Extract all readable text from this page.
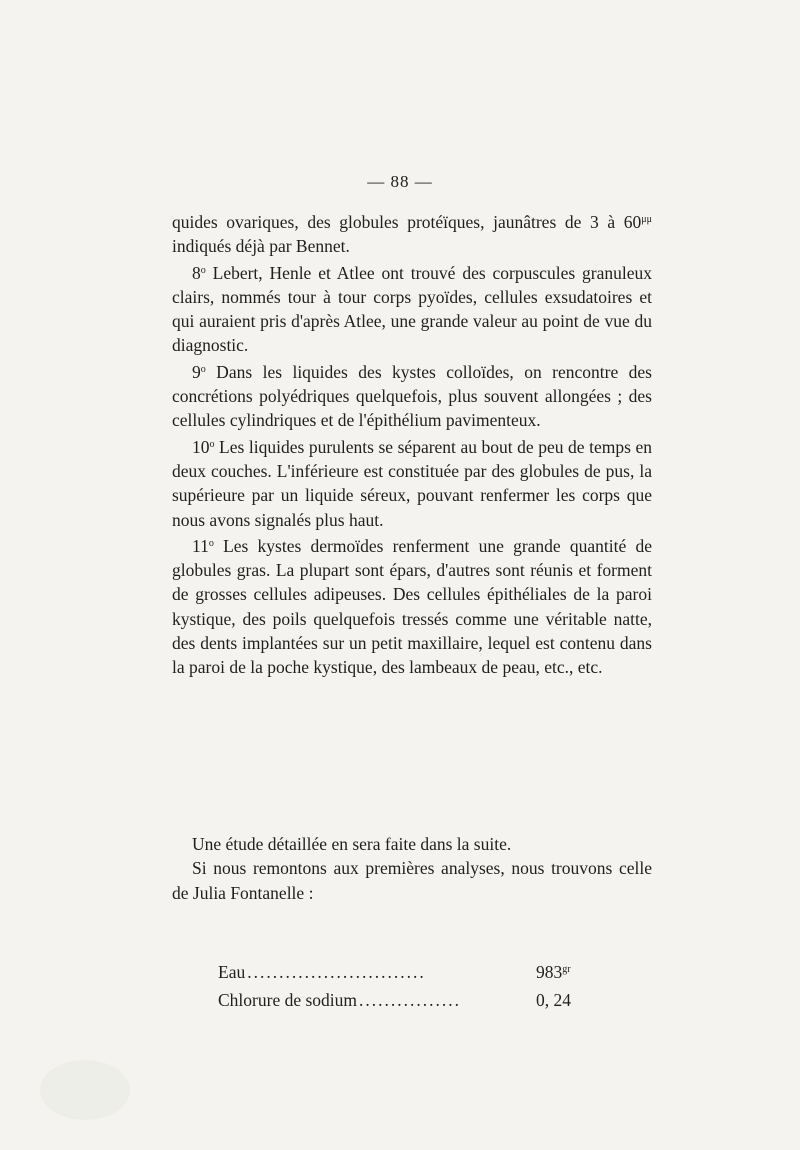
— 88 —

quides ovariques, des globules protéïques, jaunâtres de 3 à $60^{\mu\mu}$ indiqués déjà par Bennet.

8$^o$ Lebert, Henle et Atlee ont trouvé des corpuscules granuleux clairs, nommés tour à tour corps pyoïdes, cellules exsudatoires et qui auraient pris d'après Atlee, une grande valeur au point de vue du diagnostic.

9$^o$ Dans les liquides des kystes colloïdes, on rencontre des concrétions polyédriques quelquefois, plus souvent allongées ; des cellules cylindriques et de l'épithélium pavimenteux.

10$^o$ Les liquides purulents se séparent au bout de peu de temps en deux couches. L'inférieure est constituée par des globules de pus, la supérieure par un liquide séreux, pouvant renfermer les corps que nous avons signalés plus haut.

11$^o$ Les kystes dermoïdes renferment une grande quantité de globules gras. La plupart sont épars, d'autres sont réunis et forment de grosses cellules adipeuses. Des cellules épithéliales de la paroi kystique, des poils quelquefois tressés comme une véritable natte, des dents implantées sur un petit maxillaire, lequel est contenu dans la paroi de la poche kystique, des lambeaux de peau, etc., etc.

Une étude détaillée en sera faite dans la suite.

Si nous remontons aux premières analyses, nous trouvons celle de Julia Fontanelle :

Eau ............................	$983^{gr}$
Chlorure de sodium ................	0, 24
